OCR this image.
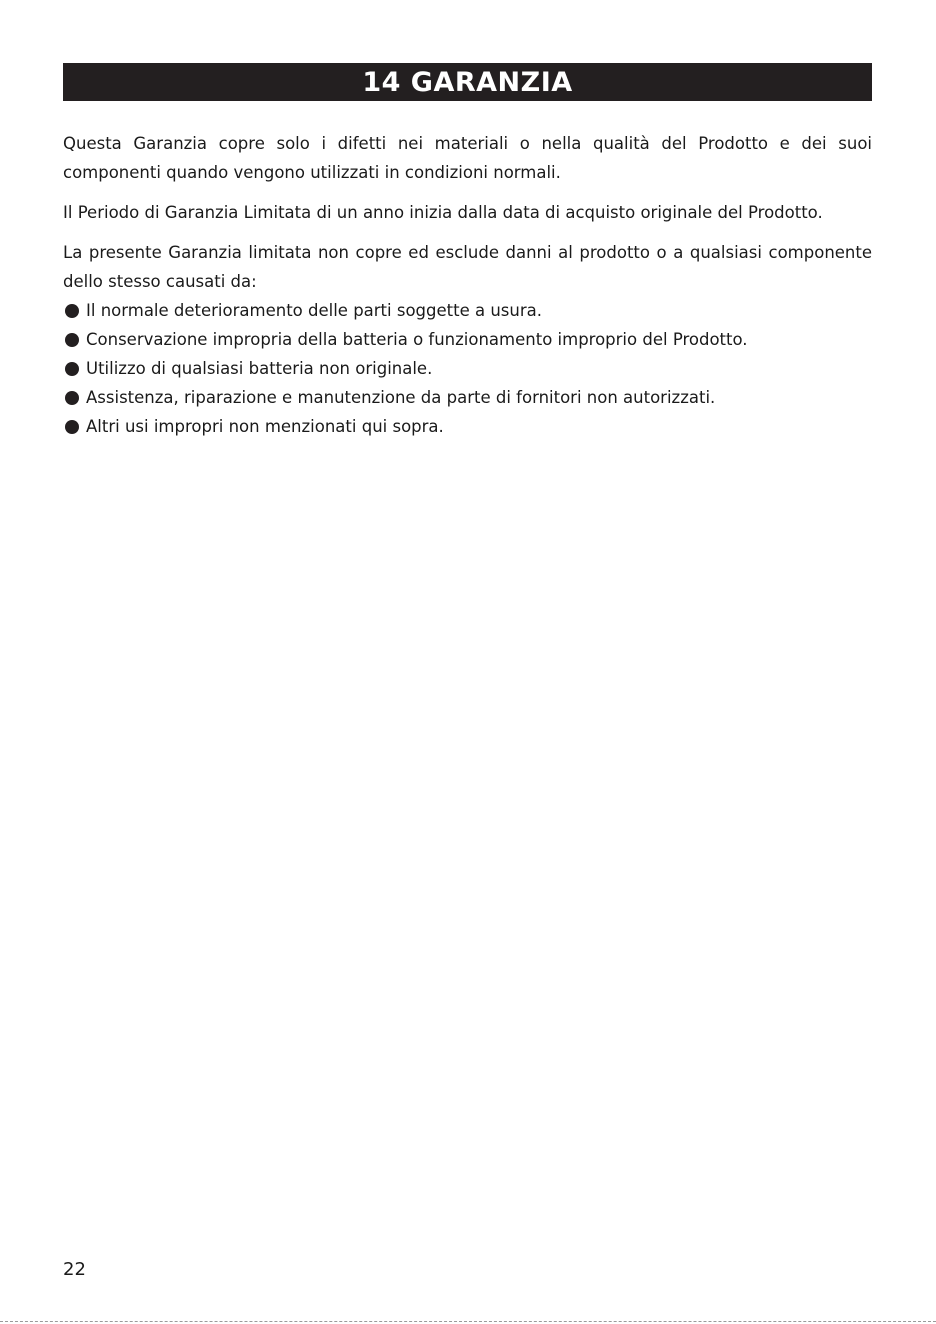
14 GARANZIA

Questa Garanzia copre solo i difetti nei materiali o nella qualità del Prodotto e dei suoi componenti quando vengono utilizzati in condizioni normali.

Il Periodo di Garanzia Limitata di un anno inizia dalla data di acquisto originale del Prodotto.

La presente Garanzia limitata non copre ed esclude danni al prodotto o a qualsiasi componente dello stesso causati da:

Il normale deterioramento delle parti soggette a usura.
Conservazione impropria della batteria o funzionamento improprio del Prodotto.
Utilizzo di qualsiasi batteria non originale.
Assistenza, riparazione e manutenzione da parte di fornitori non autorizzati.
Altri usi impropri non menzionati qui sopra.
22
